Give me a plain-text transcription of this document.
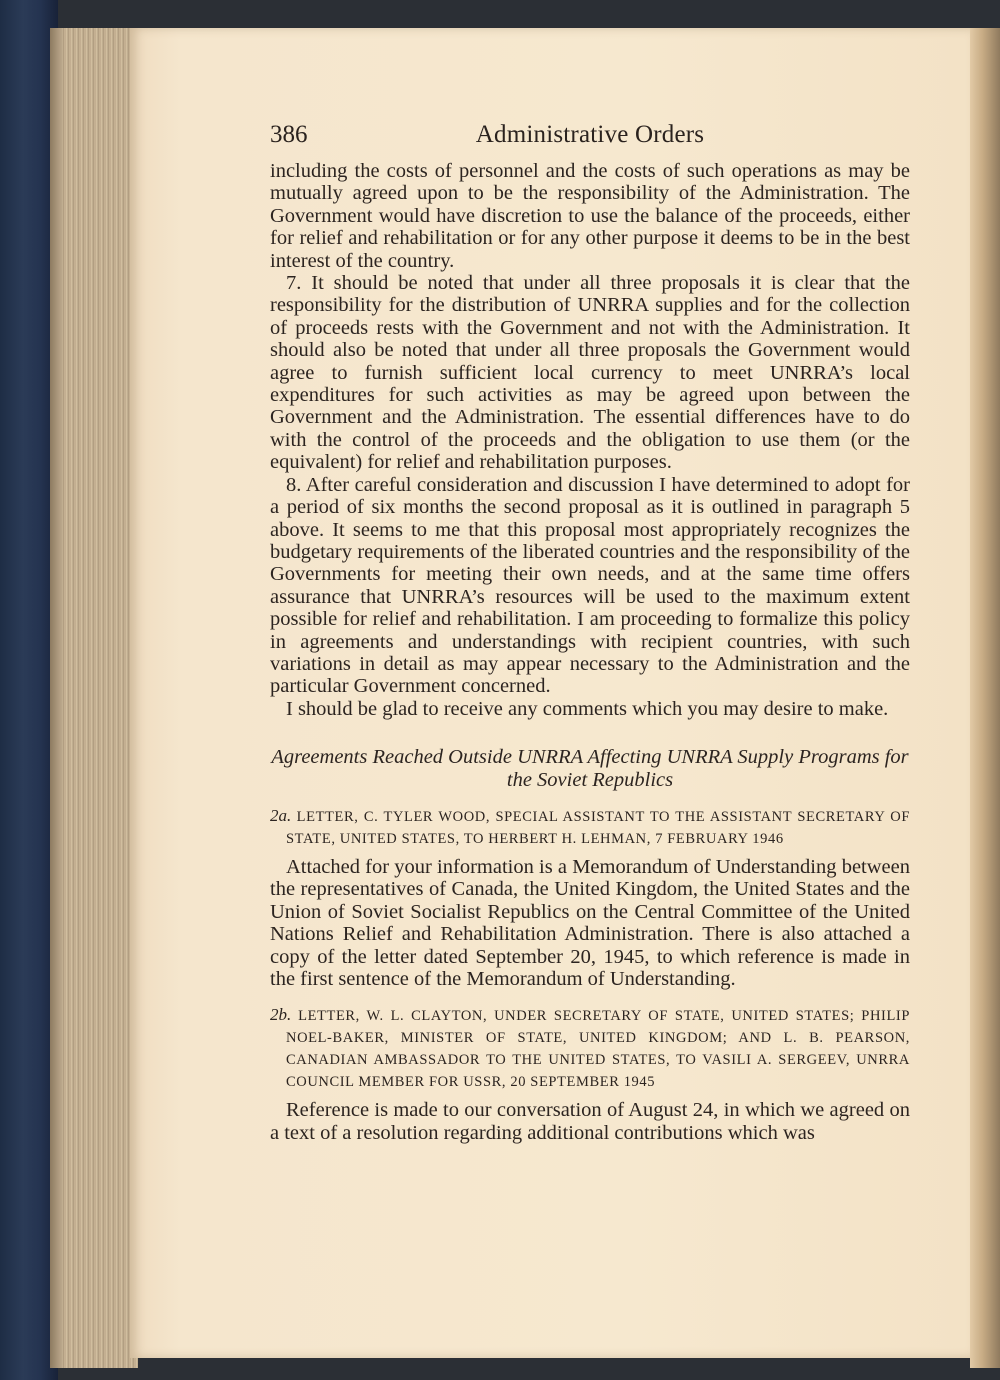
386	Administrative Orders

including the costs of personnel and the costs of such operations as may be mutually agreed upon to be the responsibility of the Administration. The Government would have discretion to use the balance of the proceeds, either for relief and rehabilitation or for any other purpose it deems to be in the best interest of the country.

7. It should be noted that under all three proposals it is clear that the responsibility for the distribution of UNRRA supplies and for the collection of proceeds rests with the Government and not with the Administration. It should also be noted that under all three proposals the Government would agree to furnish sufficient local currency to meet UNRRA’s local expenditures for such activities as may be agreed upon between the Government and the Administration. The essential differences have to do with the control of the proceeds and the obligation to use them (or the equivalent) for relief and rehabilitation purposes.

8. After careful consideration and discussion I have determined to adopt for a period of six months the second proposal as it is outlined in paragraph 5 above. It seems to me that this proposal most appropriately recognizes the budgetary requirements of the liberated countries and the responsibility of the Governments for meeting their own needs, and at the same time offers assurance that UNRRA’s resources will be used to the maximum extent possible for relief and rehabilitation. I am proceeding to formalize this policy in agreements and understandings with recipient countries, with such variations in detail as may appear necessary to the Administration and the particular Government concerned.

I should be glad to receive any comments which you may desire to make.

Agreements Reached Outside UNRRA Affecting UNRRA Supply Programs for the Soviet Republics
2a. LETTER, C. TYLER WOOD, SPECIAL ASSISTANT TO THE ASSISTANT SECRETARY OF STATE, UNITED STATES, TO HERBERT H. LEHMAN, 7 FEBRUARY 1946

Attached for your information is a Memorandum of Understanding between the representatives of Canada, the United Kingdom, the United States and the Union of Soviet Socialist Republics on the Central Committee of the United Nations Relief and Rehabilitation Administration. There is also attached a copy of the letter dated September 20, 1945, to which reference is made in the first sentence of the Memorandum of Understanding.

2b. LETTER, W. L. CLAYTON, UNDER SECRETARY OF STATE, UNITED STATES; PHILIP NOEL-BAKER, MINISTER OF STATE, UNITED KINGDOM; AND L. B. PEARSON, CANADIAN AMBASSADOR TO THE UNITED STATES, TO VASILI A. SERGEEV, UNRRA COUNCIL MEMBER FOR USSR, 20 SEPTEMBER 1945

Reference is made to our conversation of August 24, in which we agreed on a text of a resolution regarding additional contributions which was
